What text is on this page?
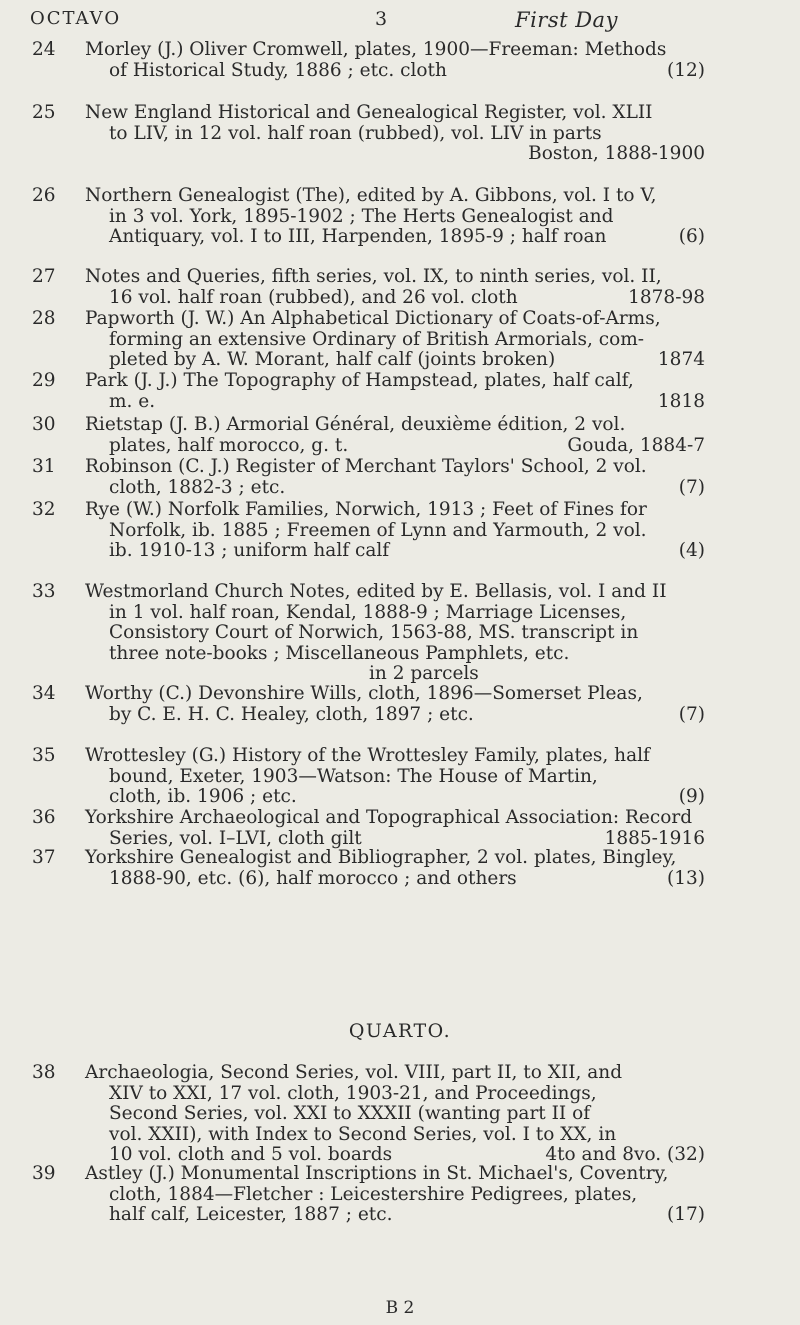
OCTAVO	3	First Day
24	Morley (J.) Oliver Cromwell, plates, 1900—Freeman: Methods
of Historical Study, 1886 ; etc. cloth	(12)
25	New England Historical and Genealogical Register, vol. XLII
to LIV, in 12 vol. half roan (rubbed), vol. LIV in parts
Boston, 1888-1900
26	Northern Genealogist (The), edited by A. Gibbons, vol. I to V,
in 3 vol. York, 1895-1902 ; The Herts Genealogist and
Antiquary, vol. I to III, Harpenden, 1895-9 ; half roan	(6)
27	Notes and Queries, fifth series, vol. IX, to ninth series, vol. II,
16 vol. half roan (rubbed), and 26 vol. cloth	1878-98
28	Papworth (J. W.) An Alphabetical Dictionary of Coats-of-Arms,
forming an extensive Ordinary of British Armorials, com-
pleted by A. W. Morant, half calf (joints broken)	1874
29	Park (J. J.) The Topography of Hampstead, plates, half calf,
m. e.	1818
30	Rietstap (J. B.) Armorial Général, deuxième édition, 2 vol.
plates, half morocco, g. t.	Gouda, 1884-7
31	Robinson (C. J.) Register of Merchant Taylors' School, 2 vol.
cloth, 1882-3 ; etc.	(7)
32	Rye (W.) Norfolk Families, Norwich, 1913 ; Feet of Fines for
Norfolk, ib. 1885 ; Freemen of Lynn and Yarmouth, 2 vol.
ib. 1910-13 ; uniform half calf	(4)
33	Westmorland Church Notes, edited by E. Bellasis, vol. I and II
in 1 vol. half roan, Kendal, 1888-9 ; Marriage Licenses,
Consistory Court of Norwich, 1563-88, MS. transcript in
three note-books ; Miscellaneous Pamphlets, etc.
in 2 parcels
34	Worthy (C.) Devonshire Wills, cloth, 1896—Somerset Pleas,
by C. E. H. C. Healey, cloth, 1897 ; etc.	(7)
35	Wrottesley (G.) History of the Wrottesley Family, plates, half
bound, Exeter, 1903—Watson: The House of Martin,
cloth, ib. 1906 ; etc.	(9)
36	Yorkshire Archaeological and Topographical Association: Record
Series, vol. I–LVI, cloth gilt	1885-1916
37	Yorkshire Genealogist and Bibliographer, 2 vol. plates, Bingley,
1888-90, etc. (6), half morocco ; and others	(13)
38	Archaeologia, Second Series, vol. VIII, part II, to XII, and
XIV to XXI, 17 vol. cloth, 1903-21, and Proceedings,
Second Series, vol. XXI to XXXII (wanting part II of
vol. XXII), with Index to Second Series, vol. I to XX, in
10 vol. cloth and 5 vol. boards	4to and 8vo. (32)
39	Astley (J.) Monumental Inscriptions in St. Michael's, Coventry,
cloth, 1884—Fletcher : Leicestershire Pedigrees, plates,
half calf, Leicester, 1887 ; etc.	(17)
QUARTO.
B 2
